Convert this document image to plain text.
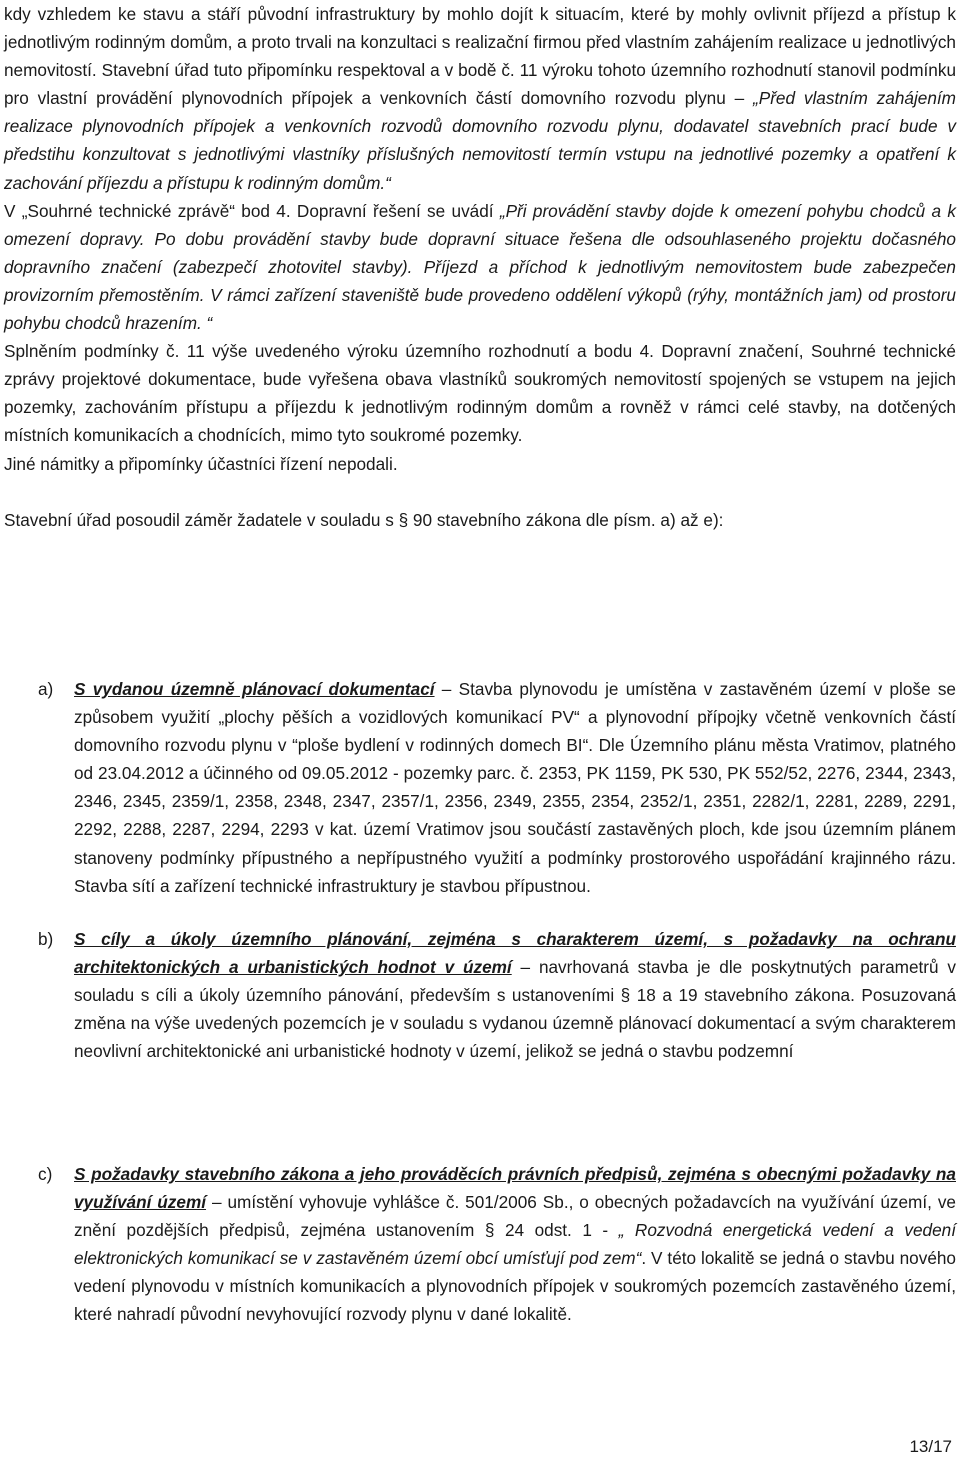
kdy vzhledem ke stavu a stáří původní infrastruktury by mohlo dojít k situacím, které by mohly ovlivnit příjezd a přístup k jednotlivým rodinným domům, a proto trvali na konzultaci s realizační firmou před vlastním zahájením realizace u jednotlivých nemovitostí. Stavební úřad tuto připomínku respektoval a v bodě č. 11 výroku tohoto územního rozhodnutí stanovil podmínku pro vlastní provádění plynovodních přípojek a venkovních částí domovního rozvodu plynu – „Před vlastním zahájením realizace plynovodních přípojek a venkovních rozvodů domovního rozvodu plynu, dodavatel stavebních prací bude v předstihu konzultovat s jednotlivými vlastníky příslušných nemovitostí termín vstupu na jednotlivé pozemky a opatření k zachování příjezdu a přístupu k rodinným domům.“

V „Souhrné technické zprávě“ bod 4. Dopravní řešení se uvádí „Při provádění stavby dojde k omezení pohybu chodců a k omezení dopravy. Po dobu provádění stavby bude dopravní situace řešena dle odsouhlaseného projektu dočasného dopravního značení (zabezpečí zhotovitel stavby). Příjezd a příchod k jednotlivým nemovitostem bude zabezpečen provizorním přemostěním. V rámci zařízení staveniště bude provedeno oddělení výkopů (rýhy, montážních jam) od prostoru pohybu chodců hrazením. “

Splněním podmínky č. 11 výše uvedeného výroku územního rozhodnutí a bodu 4. Dopravní značení, Souhrné technické zprávy projektové dokumentace, bude vyřešena obava vlastníků soukromých nemovitostí spojených se vstupem na jejich pozemky, zachováním přístupu a příjezdu k jednotlivým rodinným domům a rovněž v rámci celé stavby, na dotčených místních komunikacích a chodnících, mimo tyto soukromé pozemky.

Jiné námitky a připomínky účastníci řízení nepodali.

Stavební úřad posoudil záměr žadatele v souladu s § 90 stavebního zákona dle písm. a) až e):

a) S vydanou územně plánovací dokumentací – Stavba plynovodu je umístěna v zastavěném území v ploše se způsobem využití „plochy pěších a vozidlových komunikací PV“ a plynovodní přípojky včetně venkovních částí domovního rozvodu plynu v “ploše bydlení v rodinných domech BI“. Dle Územního plánu města Vratimov, platného od 23.04.2012 a účinného od 09.05.2012 - pozemky parc. č. 2353, PK 1159, PK 530, PK 552/52, 2276, 2344, 2343, 2346, 2345, 2359/1, 2358, 2348, 2347, 2357/1, 2356, 2349, 2355, 2354, 2352/1, 2351, 2282/1, 2281, 2289, 2291, 2292, 2288, 2287, 2294, 2293 v kat. území Vratimov jsou součástí zastavěných ploch, kde jsou územním plánem stanoveny podmínky přípustného a nepřípustného využití a podmínky prostorového uspořádání krajinného rázu. Stavba sítí a zařízení technické infrastruktury je stavbou přípustnou.
b) S cíly a úkoly územního plánování, zejména s charakterem území, s požadavky na ochranu architektonických a urbanistických hodnot v území – navrhovaná stavba je dle poskytnutých parametrů v souladu s cíli a úkoly územního pánování, především s ustanoveními § 18 a 19 stavebního zákona. Posuzovaná změna na výše uvedených pozemcích je v souladu s vydanou územně plánovací dokumentací a svým charakterem neovlivní architektonické ani urbanistické hodnoty v území, jelikož se jedná o stavbu podzemní
c) S požadavky stavebního zákona a jeho prováděcích právních předpisů, zejména s obecnými požadavky na využívání území – umístění vyhovuje vyhlášce č. 501/2006 Sb., o obecných požadavcích na využívání území, ve znění pozdějších předpisů, zejména ustanovením § 24 odst. 1 - „ Rozvodná energetická vedení a vedení elektronických komunikací se v zastavěném území obcí umísťují pod zem“. V této lokalitě se jedná o stavbu nového vedení plynovodu v místních komunikacích a plynovodních přípojek v soukromých pozemcích zastavěného území, které nahradí původní nevyhovující rozvody plynu v dané lokalitě.
13/17
